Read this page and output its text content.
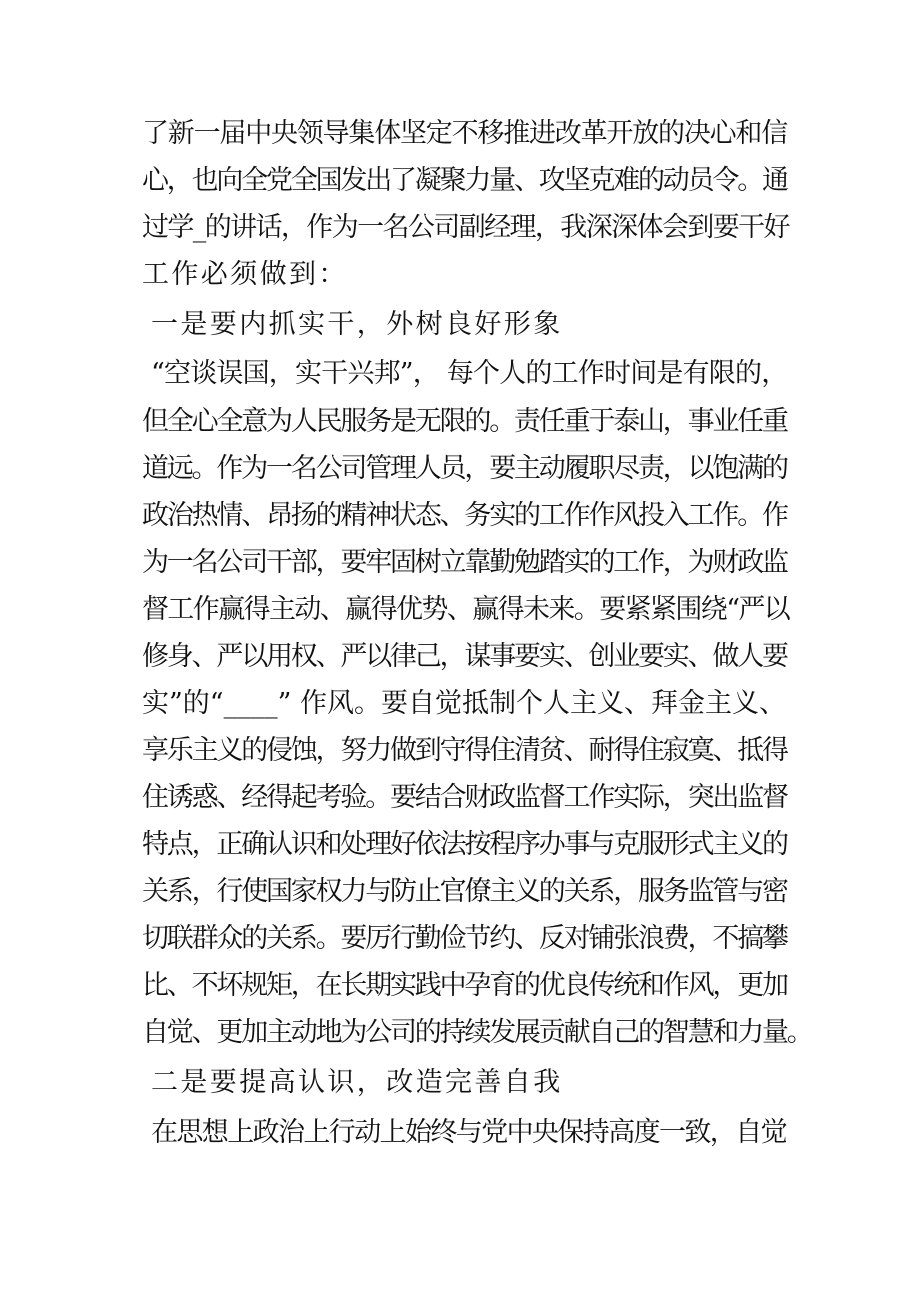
了新一届中央领导集体坚定不移推进改革开放的决心和信
心，也向全党全国发出了凝聚力量、攻坚克难的动员令。通
过学_的讲话，作为一名公司副经理，我深深体会到要干好
工作必须做到：
一是要内抓实干，外树良好形象
“空谈误国，实干兴邦”， 每个人的工作时间是有限的，
但全心全意为人民服务是无限的。责任重于泰山，事业任重
道远。作为一名公司管理人员，要主动履职尽责，以饱满的
政治热情、昂扬的精神状态、务实的工作作风投入工作。作
为一名公司干部，要牢固树立靠勤勉踏实的工作，为财政监
督工作赢得主动、赢得优势、赢得未来。要紧紧围绕“严以
修身、严以用权、严以律己，谋事要实、创业要实、做人要
实”的“____” 作风。要自觉抵制个人主义、拜金主义、
享乐主义的侵蚀，努力做到守得住清贫、耐得住寂寞、抵得
住诱惑、经得起考验。要结合财政监督工作实际，突出监督
特点，正确认识和处理好依法按程序办事与克服形式主义的
关系，行使国家权力与防止官僚主义的关系，服务监管与密
切联群众的关系。要厉行勤俭节约、反对铺张浪费，不搞攀
比、不坏规矩，在长期实践中孕育的优良传统和作风，更加
自觉、更加主动地为公司的持续发展贡献自己的智慧和力量。
二是要提高认识，改造完善自我
在思想上政治上行动上始终与党中央保持高度一致，自觉
